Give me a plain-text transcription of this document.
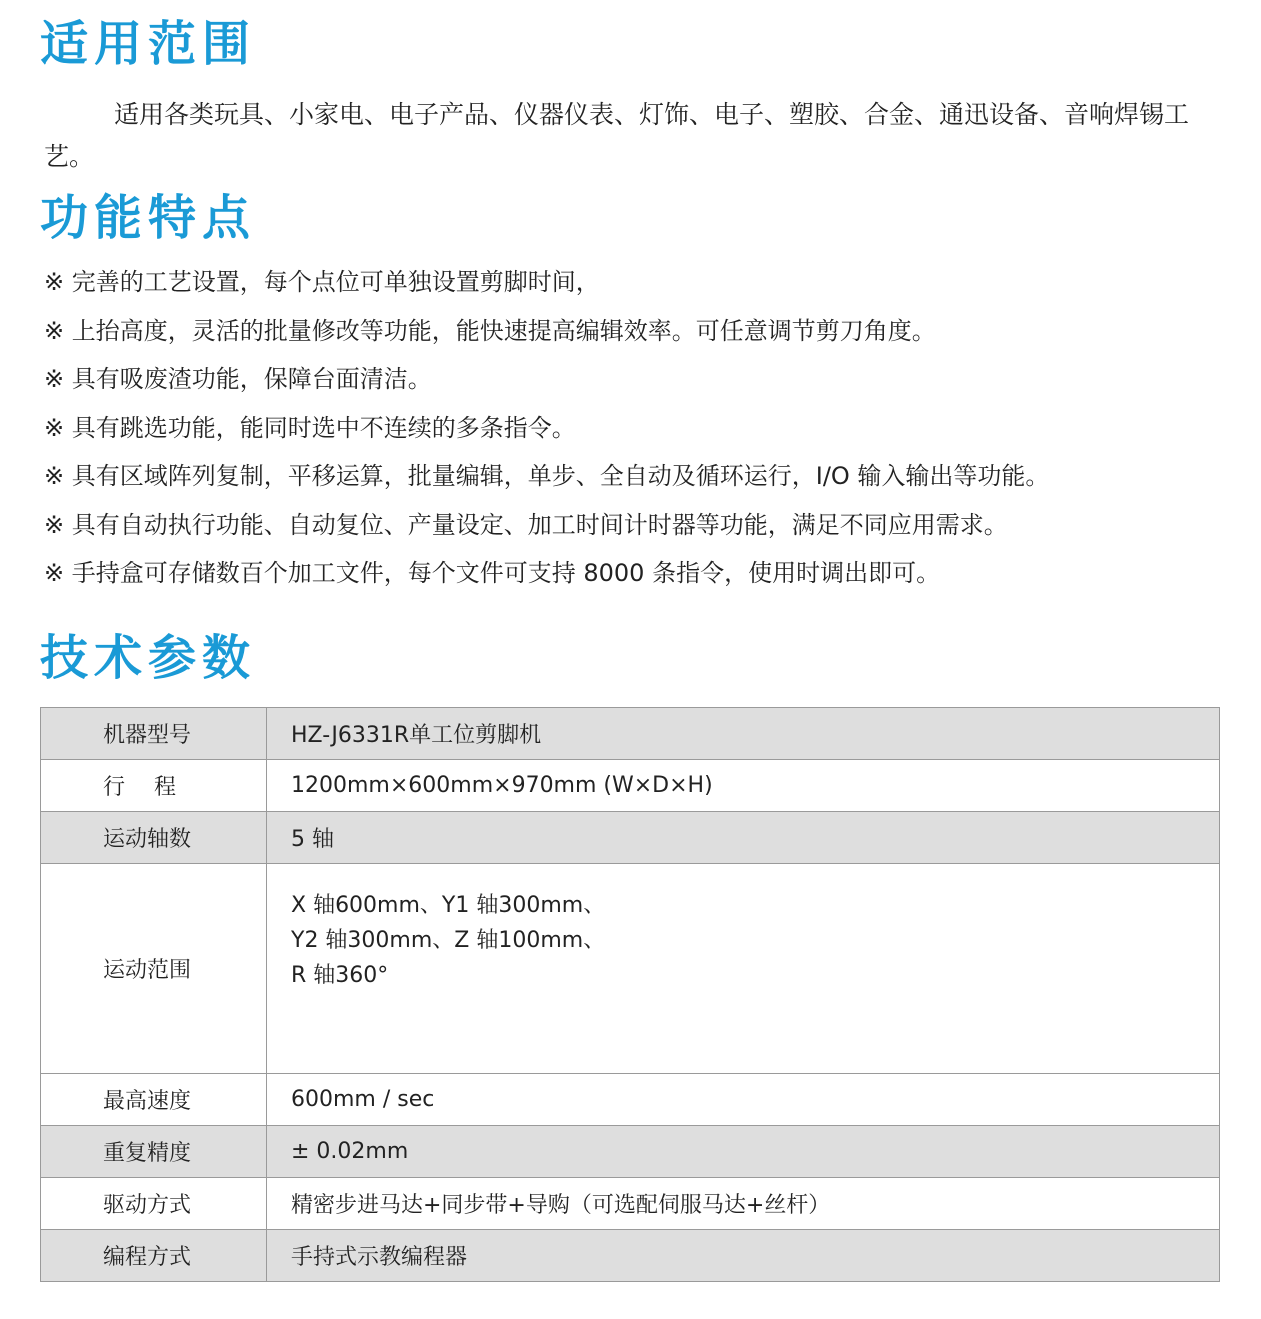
适用范围

适用各类玩具、小家电、电子产品、仪器仪表、灯饰、电子、塑胶、合金、通迅设备、音响焊锡工艺。

功能特点
※ 完善的工艺设置，每个点位可单独设置剪脚时间，
※ 上抬高度，灵活的批量修改等功能，能快速提高编辑效率。可任意调节剪刀角度。
※ 具有吸废渣功能，保障台面清洁。
※ 具有跳选功能，能同时选中不连续的多条指令。
※ 具有区域阵列复制，平移运算，批量编辑，单步、全自动及循环运行，I/O 输入输出等功能。
※ 具有自动执行功能、自动复位、产量设定、加工时间计时器等功能，满足不同应用需求。
※ 手持盒可存储数百个加工文件，每个文件可支持 8000 条指令，使用时调出即可。
技术参数
机器型号	HZ-J6331R单工位剪脚机
行　 程	1200mm×600mm×970mm (W×D×H)
运动轴数	5 轴
运动范围	X 轴600mm、Y1 轴300mm、
Y2 轴300mm、Z 轴100mm、
R 轴360°

最高速度	600mm / sec
重复精度	± 0.02mm
驱动方式	精密步进马达+同步带+导购（可选配伺服马达+丝杆）
编程方式	手持式示教编程器
